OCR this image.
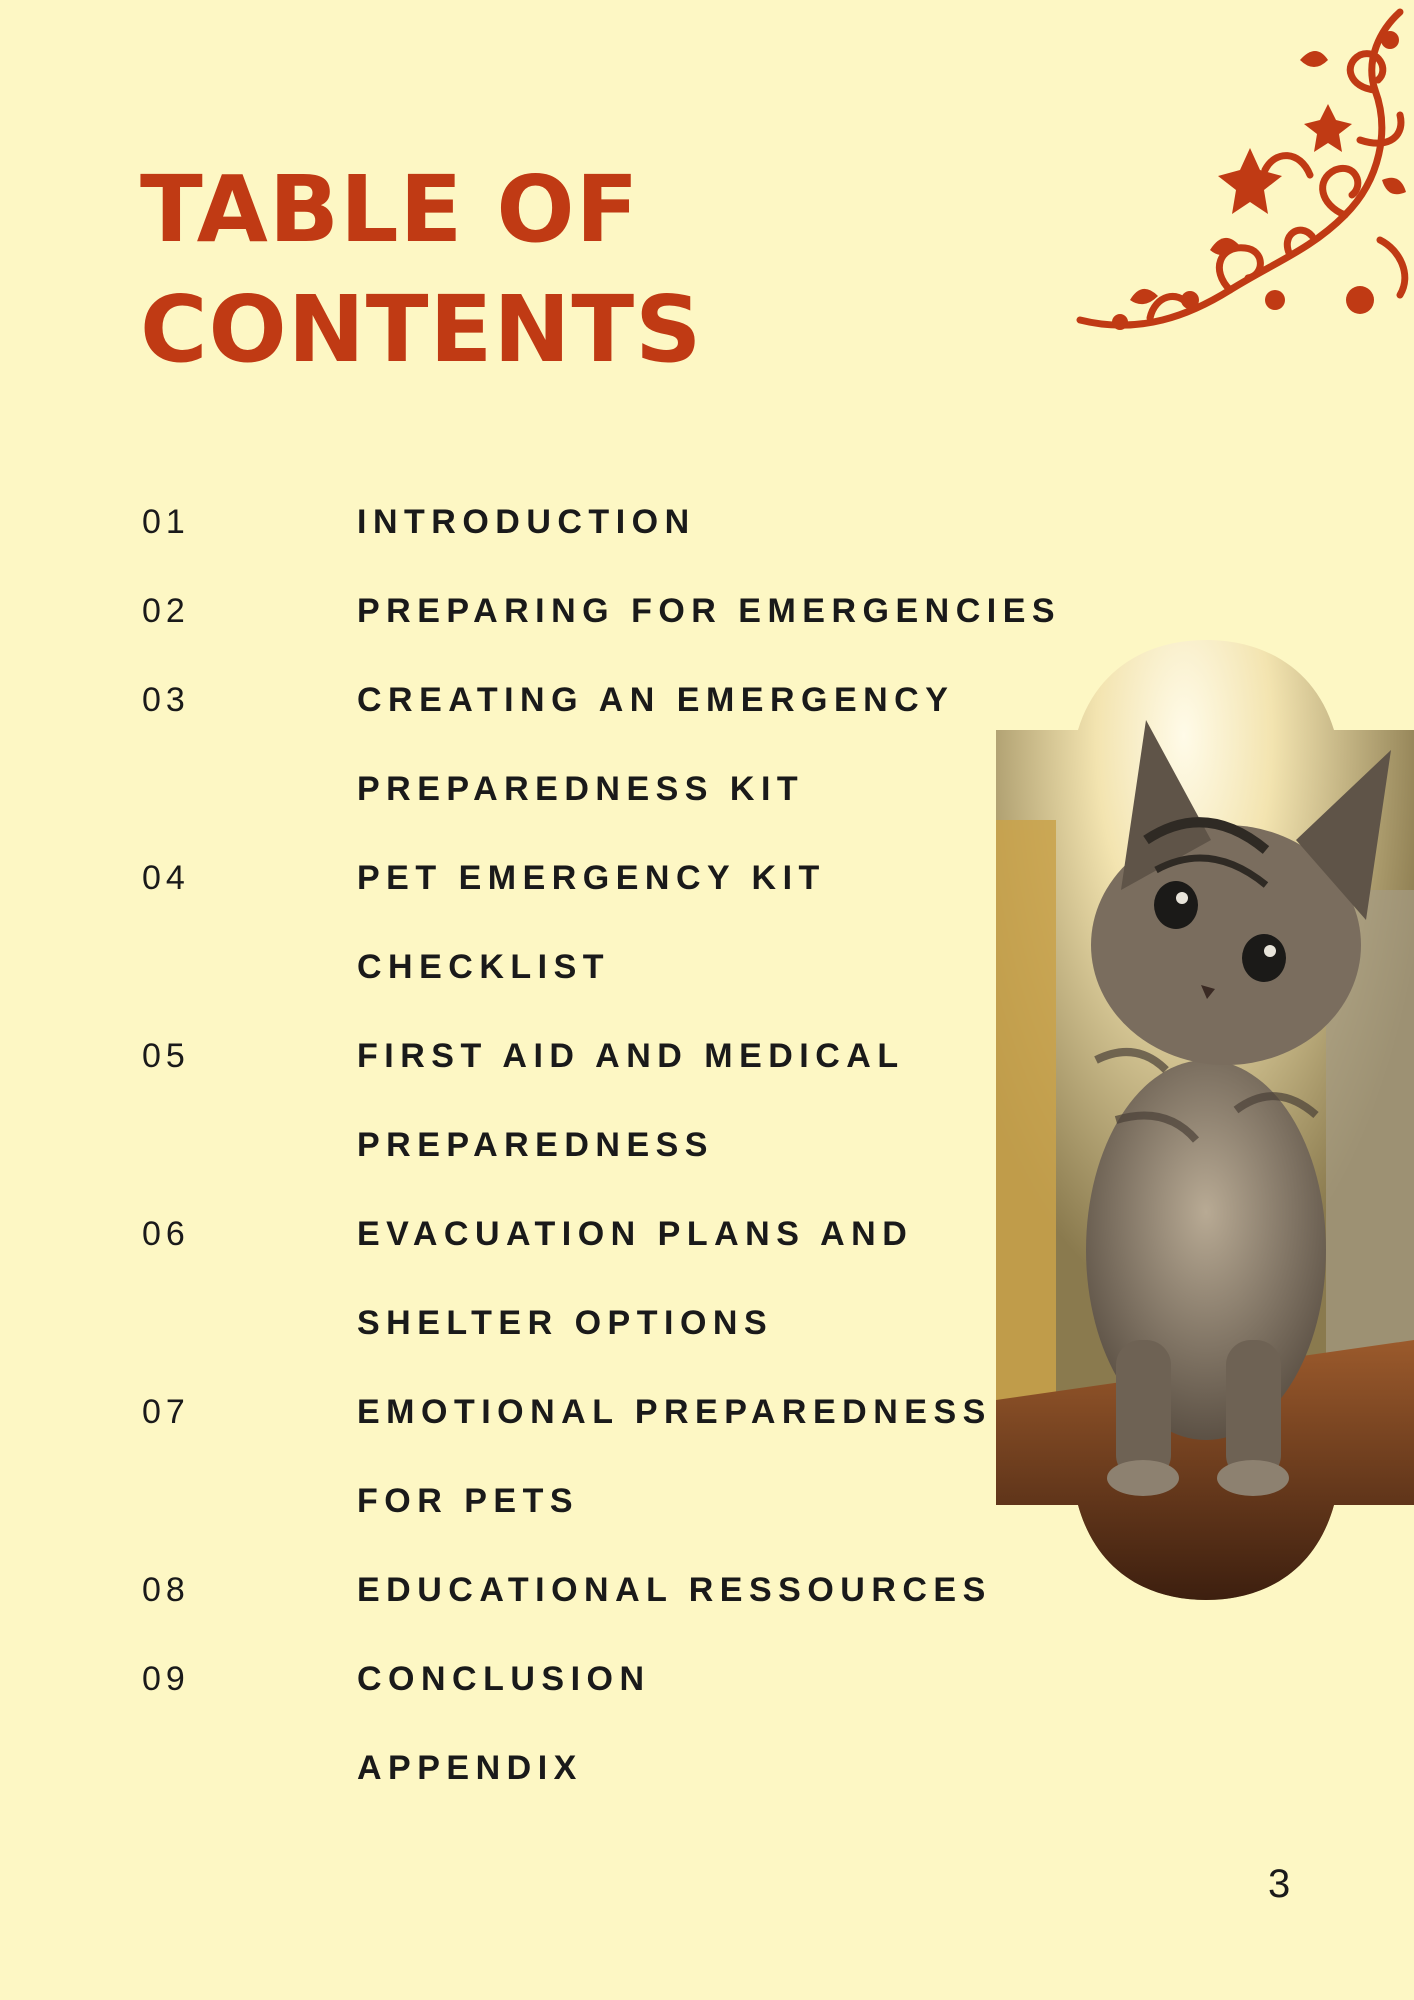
TABLE OF
CONTENTS
01	INTRODUCTION
02	PREPARING FOR EMERGENCIES
03	CREATING AN EMERGENCY
PREPAREDNESS KIT
04	PET EMERGENCY KIT
CHECKLIST
05	FIRST AID AND MEDICAL
PREPAREDNESS
06	EVACUATION PLANS AND
SHELTER OPTIONS
07	EMOTIONAL PREPAREDNESS
FOR PETS
08	EDUCATIONAL RESSOURCES
09	CONCLUSION
APPENDIX
3
